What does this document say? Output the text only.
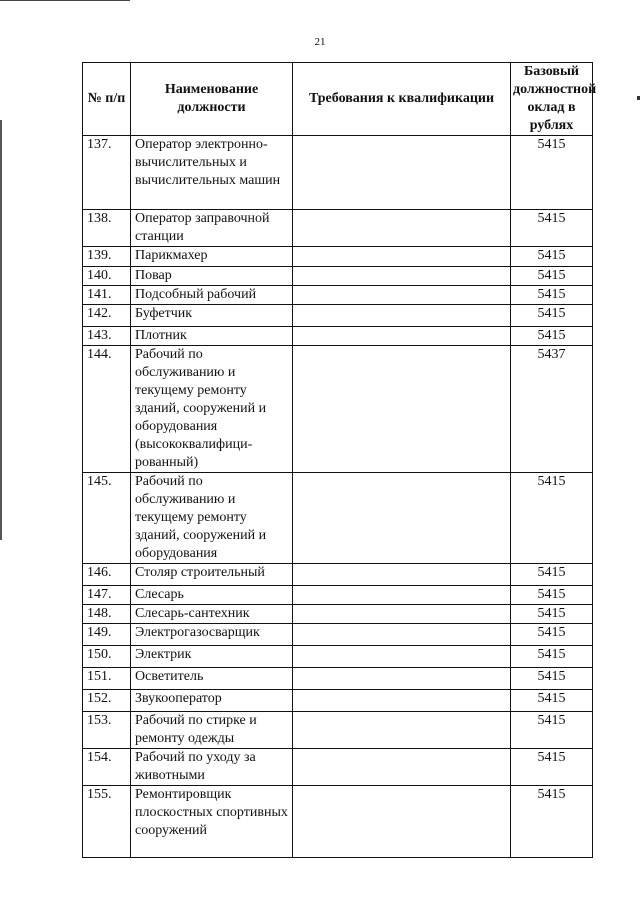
21
№ п/п	Наименование должности	Требования к квалификации	Базовый должностной оклад в рублях
137.	Оператор электронно-вычислительных и вычислительных машин		5415
138.	Оператор заправочной станции		5415
139.	Парикмахер		5415
140.	Повар		5415
141.	Подсобный рабочий		5415
142.	Буфетчик		5415
143.	Плотник		5415
144.	Рабочий по обслуживанию и текущему ремонту зданий, сооружений и оборудования (высококвалифици-рованный)		5437
145.	Рабочий по обслуживанию и текущему ремонту зданий, сооружений и оборудования		5415
146.	Столяр строительный		5415
147.	Слесарь		5415
148.	Слесарь-сантехник		5415
149.	Электрогазосварщик		5415
150.	Электрик		5415
151.	Осветитель		5415
152.	Звукооператор		5415
153.	Рабочий по стирке и ремонту одежды		5415
154.	Рабочий по уходу за животными		5415
155.	Ремонтировщик плоскостных спортивных сооружений		5415
